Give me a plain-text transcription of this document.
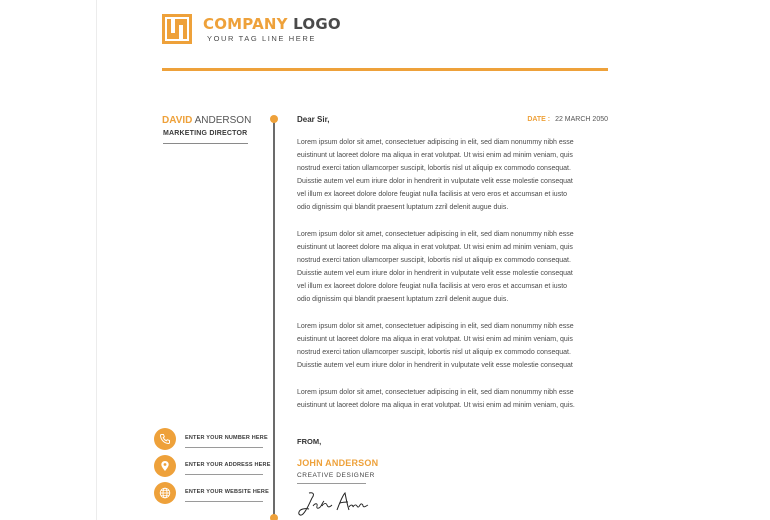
COMPANY LOGO
YOUR TAG LINE HERE
DAVID ANDERSON
MARKETING DIRECTOR
ENTER YOUR NUMBER HERE
ENTER YOUR ADDRESS HERE
ENTER YOUR WEBSITE HERE
Dear Sir,	DATE : 22 MARCH 2050
Lorem ipsum dolor sit amet, consectetuer adipiscing in elit, sed diam nonummy nibh esse
euistinunt ut laoreet dolore ma aliqua in erat volutpat. Ut wisi enim ad minim veniam, quis
nostrud exerci tation ullamcorper suscipit, lobortis nisl ut aliquip ex commodo consequat.
Duisstie autem vel eum iriure dolor in hendrerit in vulputate velit esse molestie consequat
vel illum ex laoreet dolore dolore feugiat nulla facilisis at vero eros et accumsan et iusto
odio dignissim qui blandit praesent luptatum zzril delenit augue duis.
Lorem ipsum dolor sit amet, consectetuer adipiscing in elit, sed diam nonummy nibh esse
euistinunt ut laoreet dolore ma aliqua in erat volutpat. Ut wisi enim ad minim veniam, quis
nostrud exerci tation ullamcorper suscipit, lobortis nisl ut aliquip ex commodo consequat.
Duisstie autem vel eum iriure dolor in hendrerit in vulputate velit esse molestie consequat
vel illum ex laoreet dolore dolore feugiat nulla facilisis at vero eros et accumsan et iusto
odio dignissim qui blandit praesent luptatum zzril delenit augue duis.
Lorem ipsum dolor sit amet, consectetuer adipiscing in elit, sed diam nonummy nibh esse
euistinunt ut laoreet dolore ma aliqua in erat volutpat. Ut wisi enim ad minim veniam, quis
nostrud exerci tation ullamcorper suscipit, lobortis nisl ut aliquip ex commodo consequat.
Duisstie autem vel eum iriure dolor in hendrerit in vulputate velit esse molestie consequat
Lorem ipsum dolor sit amet, consectetuer adipiscing in elit, sed diam nonummy nibh esse
euistinunt ut laoreet dolore ma aliqua in erat volutpat. Ut wisi enim ad minim veniam, quis.
FROM,
JOHN ANDERSON
CREATIVE DESIGNER
